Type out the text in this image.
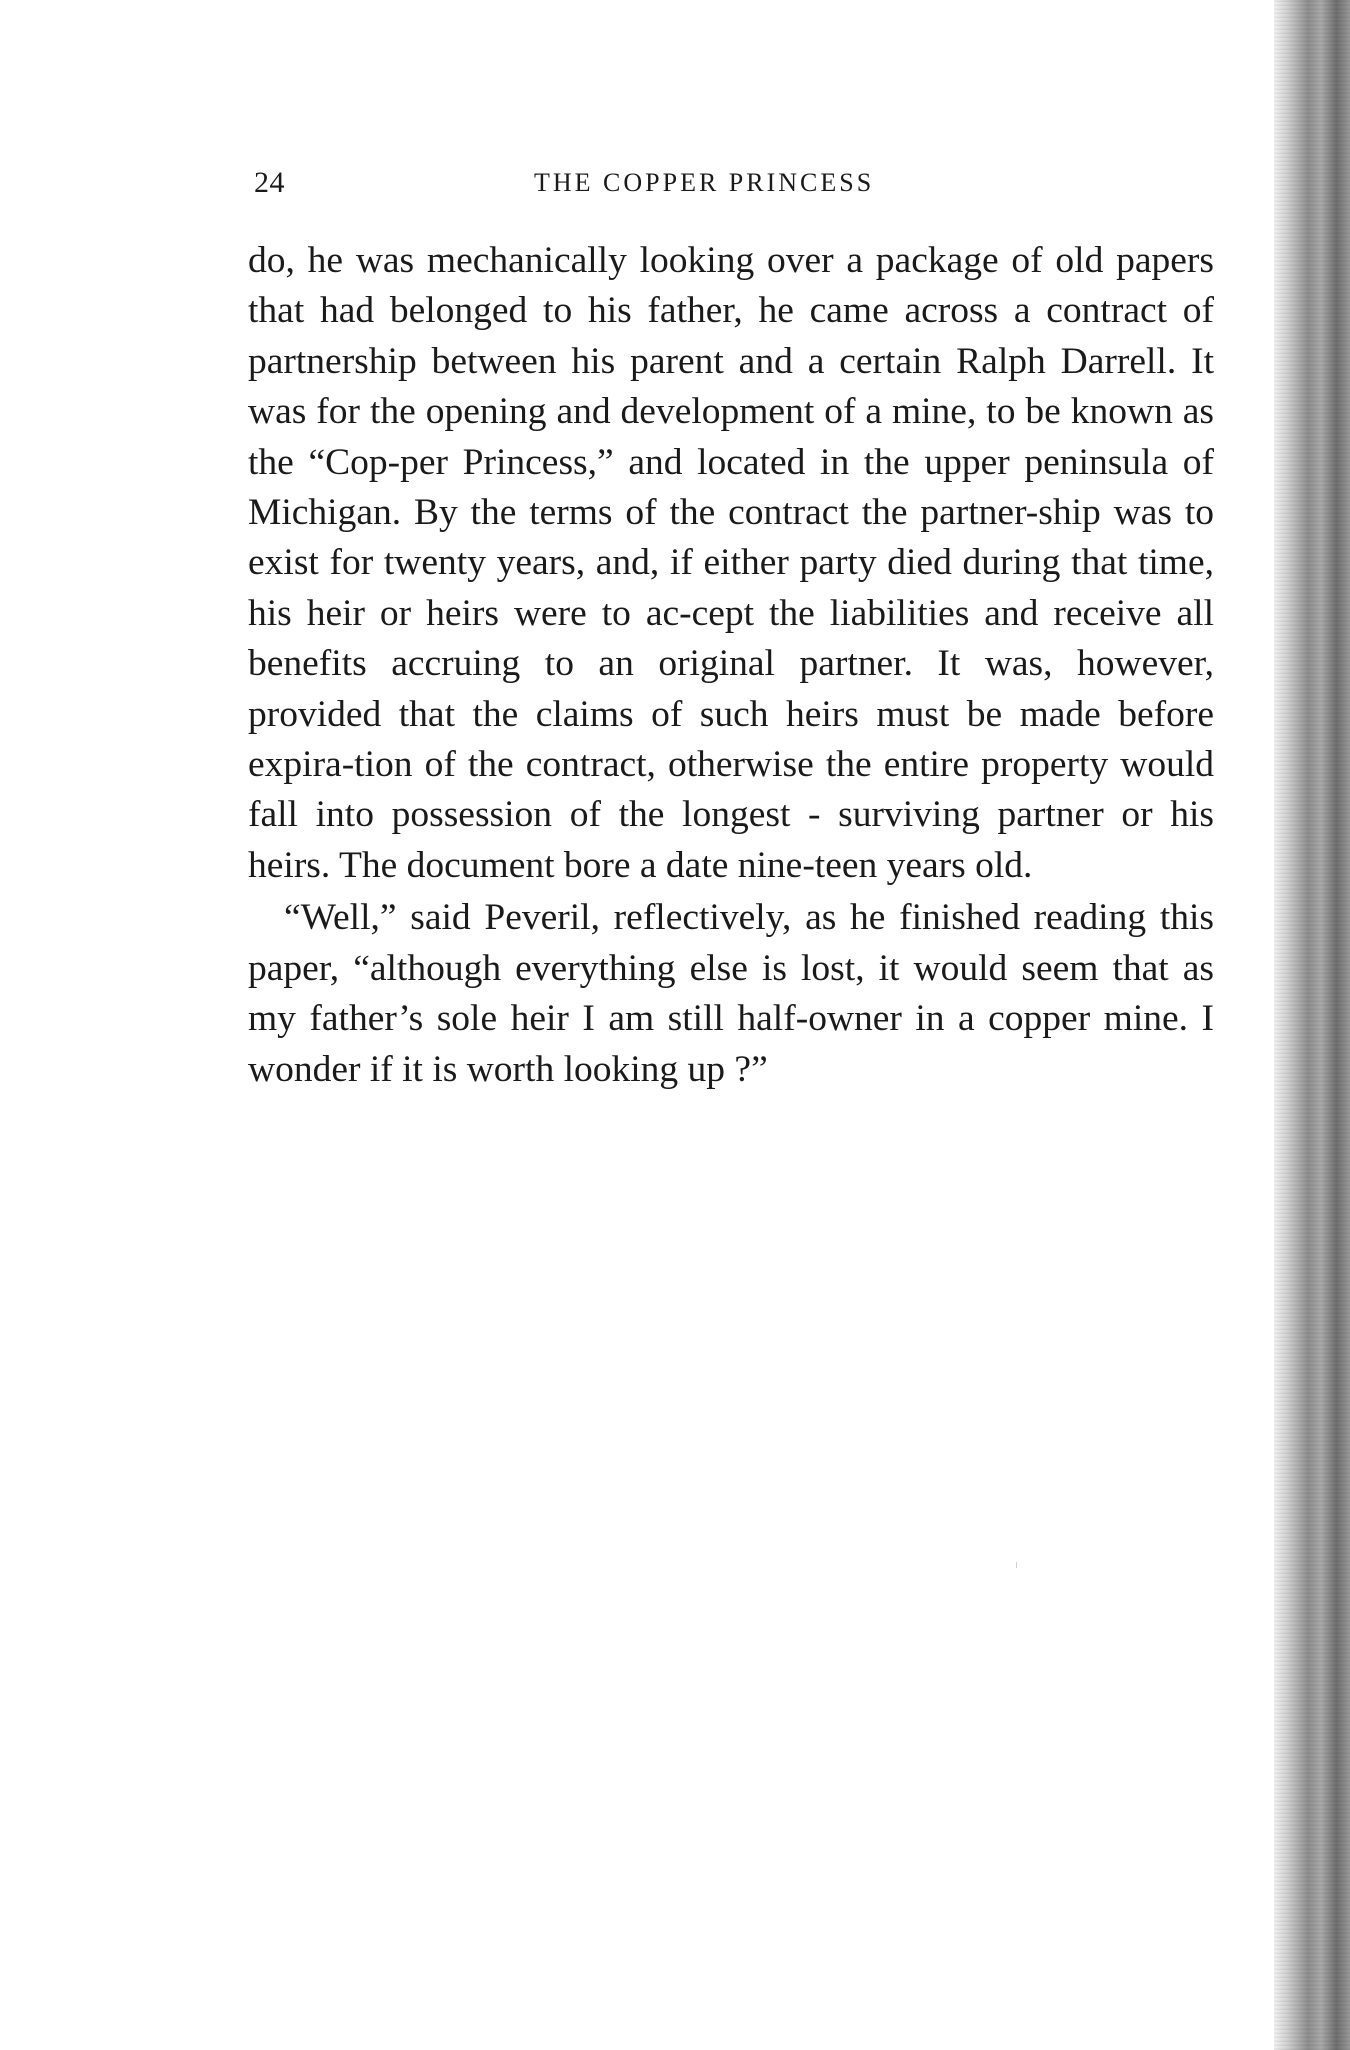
24	THE COPPER PRINCESS

do, he was mechanically looking over a package of old papers that had belonged to his father, he came across a contract of partnership between his parent and a certain Ralph Darrell. It was for the opening and development of a mine, to be known as the “Cop-per Princess,” and located in the upper peninsula of Michigan. By the terms of the contract the partner-ship was to exist for twenty years, and, if either party died during that time, his heir or heirs were to ac-cept the liabilities and receive all benefits accruing to an original partner. It was, however, provided that the claims of such heirs must be made before expira-tion of the contract, otherwise the entire property would fall into possession of the longest - surviving partner or his heirs. The document bore a date nine-teen years old.

“Well,” said Peveril, reflectively, as he finished reading this paper, “although everything else is lost, it would seem that as my father’s sole heir I am still half-owner in a copper mine. I wonder if it is worth looking up ?”
